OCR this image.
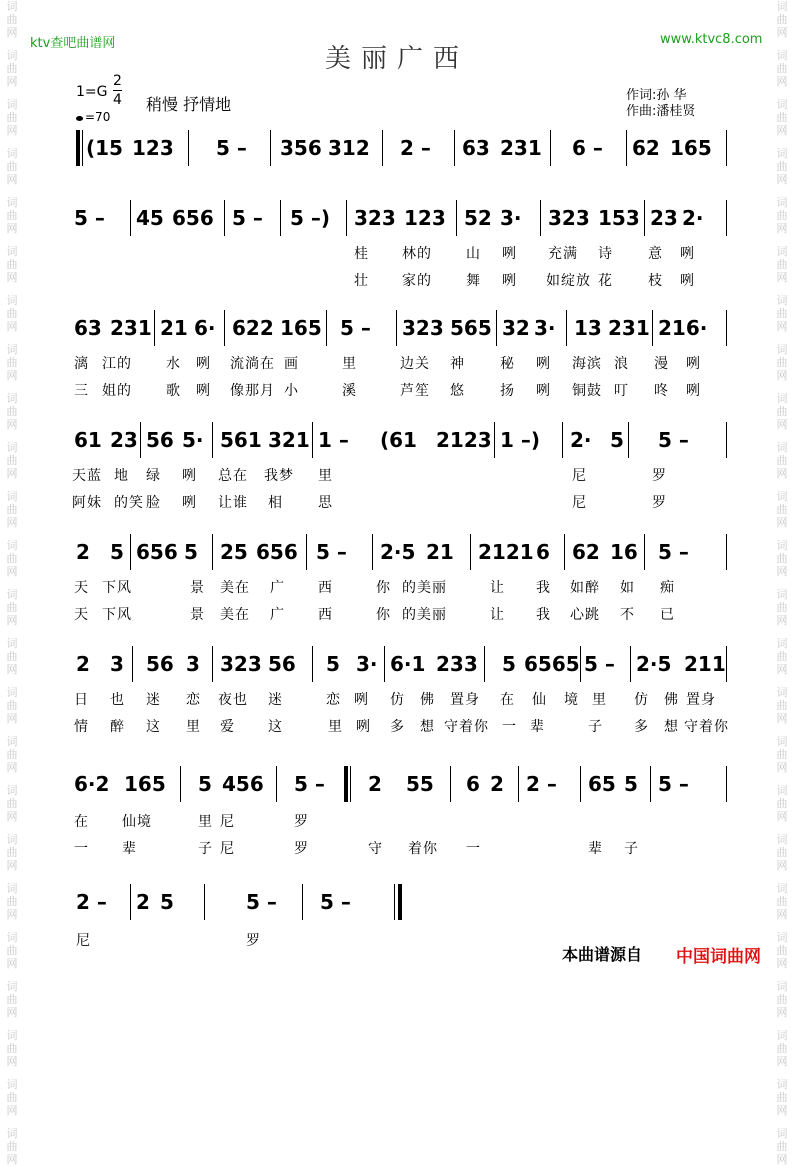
词
曲
网
词
曲
网
词
曲
网
词
曲
网
词
曲
网
词
曲
网
词
曲
网
词
曲
网
词
曲
网
词
曲
网
词
曲
网
词
曲
网
词
曲
网
词
曲
网
词
曲
网
词
曲
网
词
曲
网
词
曲
网
词
曲
网
词
曲
网
词
曲
网
词
曲
网
词
曲
网
词
曲
网
词
曲
网
词
曲
网
词
曲
网
词
曲
网
词
曲
网
词
曲
网
词
曲
网
词
曲
网
词
曲
网
词
曲
网
词
曲
网
词
曲
网
词
曲
网
词
曲
网
词
曲
网
词
曲
网
词
曲
网
词
曲
网
词
曲
网
词
曲
网
词
曲
网
词
曲
网
词
曲
网
词
曲
网
ktv查吧曲谱网	www.ktvc8.com
美丽广西
1=G
2
4 稍慢 抒情地
=70
作词:孙 华
作曲:潘桂贤
(15 123 5 – 356 312 2 – 63 231 6 – 62 165
5 – 45 656 5 – 5 –) 323 123 52 3· 323 153 23 2·
桂 林的 山 咧 充满 诗	意 咧
壮 家的 舞 咧 如绽放 花	枝 咧
63 231 21 6· 622 165 5 – 323 565 32 3· 13 231 216·
漓 江的 水 咧 流淌在 画	里	边关 神	秘 咧 海滨 浪 漫 咧
三 姐的 歌 咧 像那月 小	溪	芦笙 悠	扬 咧 铜鼓 叮 咚 咧
61 23 56 5· 561 321 1 – (61 2123 1 –) 2· 5 5 –
天蓝 地 绿 咧 总在 我梦 里	尼	罗
阿妹 的笑 脸 咧 让谁 相	思	尼	罗
2 5 656 5 25 656 5 – 2·5 21 2121 6 62 16 5 –
天 下风	景 美在 广 西	你 的美丽	让 我 如醉 如 痴
天 下风	景 美在 广 西	你 的美丽	让 我 心跳 不 已
2 3 56 3 323 56 5 3· 6·1 233 5 6565 5 – 2·5 211
日 也 迷 恋 夜也 迷	恋 咧 仿 佛 置身 在 仙 境 里 仿 佛 置身
情 醉 这 里 爱 这	里 咧 多 想 守着你 一 辈	子 多 想 守着你
6·2 165 5 456 5 – 2 55 6 2 2 – 65 5 5 –
在 仙境	里 尼	罗
一 辈	子 尼	罗	守 着你 一	辈 子
2 – 2 5	5 – 5 –
尼	罗
本曲谱源自 中国词曲网
